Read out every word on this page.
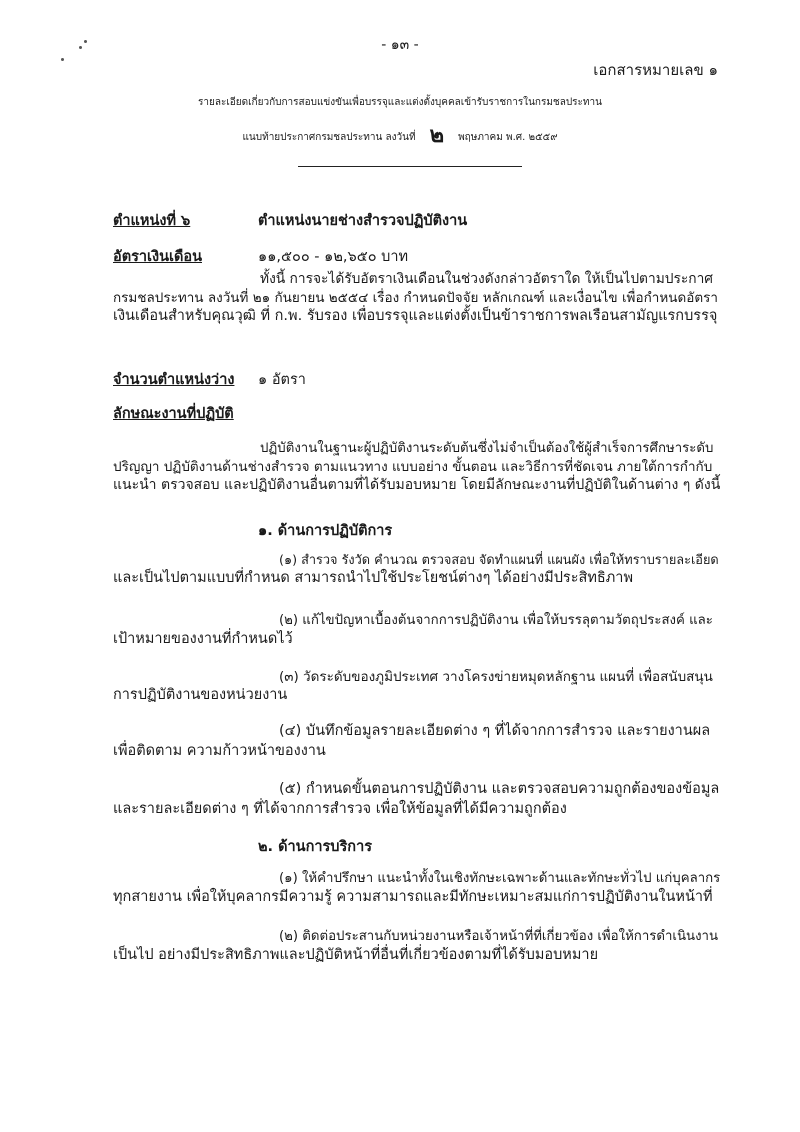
- ๑๓ -
เอกสารหมายเลข ๑
รายละเอียดเกี่ยวกับการสอบแข่งขันเพื่อบรรจุและแต่งตั้งบุคคลเข้ารับราชการในกรมชลประทาน
แนบท้ายประกาศกรมชลประทาน ลงวันที่ ๒ พฤษภาคม พ.ศ. ๒๕๕๙
ตำแหน่งที่ ๖	ตำแหน่งนายช่างสำรวจปฏิบัติงาน
อัตราเงินเดือน	๑๑,๕๐๐ - ๑๒,๖๕๐ บาท
ทั้งนี้ การจะได้รับอัตราเงินเดือนในช่วงดังกล่าวอัตราใด ให้เป็นไปตามประกาศ
กรมชลประทาน ลงวันที่ ๒๑ กันยายน ๒๕๕๔ เรื่อง กำหนดปัจจัย หลักเกณฑ์ และเงื่อนไข เพื่อกำหนดอัตรา
เงินเดือนสำหรับคุณวุฒิ ที่ ก.พ. รับรอง เพื่อบรรจุและแต่งตั้งเป็นข้าราชการพลเรือนสามัญแรกบรรจุ
จำนวนตำแหน่งว่าง ๑ อัตรา
ลักษณะงานที่ปฏิบัติ
ปฏิบัติงานในฐานะผู้ปฏิบัติงานระดับต้นซึ่งไม่จำเป็นต้องใช้ผู้สำเร็จการศึกษาระดับ
ปริญญา ปฏิบัติงานด้านช่างสำรวจ ตามแนวทาง แบบอย่าง ขั้นตอน และวิธีการที่ชัดเจน ภายใต้การกำกับ
แนะนำ ตรวจสอบ และปฏิบัติงานอื่นตามที่ได้รับมอบหมาย โดยมีลักษณะงานที่ปฏิบัติในด้านต่าง ๆ ดังนี้
๑. ด้านการปฏิบัติการ
(๑) สำรวจ รังวัด คำนวณ ตรวจสอบ จัดทำแผนที่ แผนผัง เพื่อให้ทราบรายละเอียด
และเป็นไปตามแบบที่กำหนด สามารถนำไปใช้ประโยชน์ต่างๆ ได้อย่างมีประสิทธิภาพ
(๒) แก้ไขปัญหาเบื้องต้นจากการปฏิบัติงาน เพื่อให้บรรลุตามวัตถุประสงค์ และ
เป้าหมายของงานที่กำหนดไว้
(๓) วัดระดับของภูมิประเทศ วางโครงข่ายหมุดหลักฐาน แผนที่ เพื่อสนับสนุน
การปฏิบัติงานของหน่วยงาน
(๔) บันทึกข้อมูลรายละเอียดต่าง ๆ ที่ได้จากการสำรวจ และรายงานผล
เพื่อติดตาม ความก้าวหน้าของงาน
(๕) กำหนดขั้นตอนการปฏิบัติงาน และตรวจสอบความถูกต้องของข้อมูล
และรายละเอียดต่าง ๆ ที่ได้จากการสำรวจ เพื่อให้ข้อมูลที่ได้มีความถูกต้อง
๒. ด้านการบริการ
(๑) ให้คำปรึกษา แนะนำทั้งในเชิงทักษะเฉพาะด้านและทักษะทั่วไป แก่บุคลากร
ทุกสายงาน เพื่อให้บุคลากรมีความรู้ ความสามารถและมีทักษะเหมาะสมแก่การปฏิบัติงานในหน้าที่
(๒) ติดต่อประสานกับหน่วยงานหรือเจ้าหน้าที่ที่เกี่ยวข้อง เพื่อให้การดำเนินงาน
เป็นไป อย่างมีประสิทธิภาพและปฏิบัติหน้าที่อื่นที่เกี่ยวข้องตามที่ได้รับมอบหมาย
